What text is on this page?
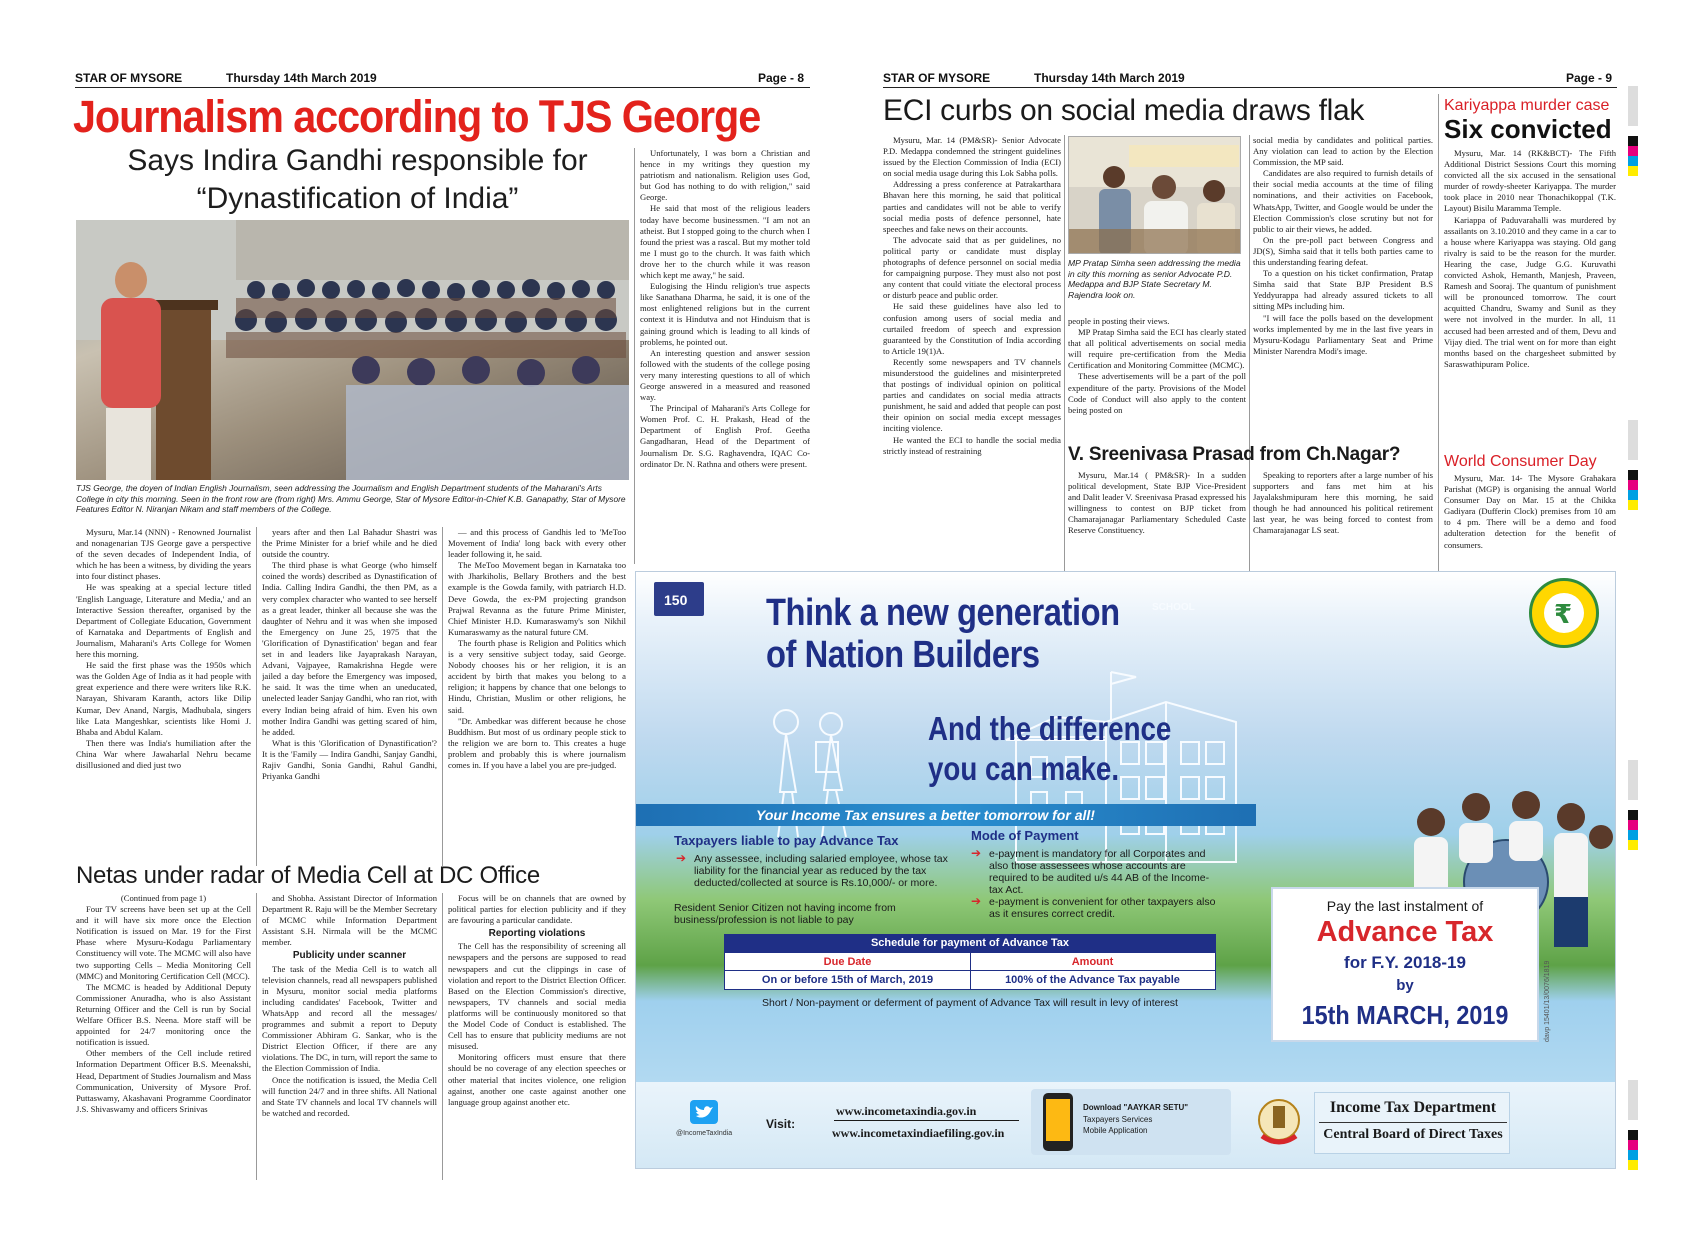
STAR OF MYSORE	Thursday 14th March 2019	Page - 8
Journalism according to TJS George
Says Indira Gandhi responsible for
“Dynastification of India”
TJS George, the doyen of Indian English Journalism, seen addressing the Journalism and English Department students of the Maharani's Arts College in city this morning. Seen in the front row are (from right) Mrs. Ammu George, Star of Mysore Editor-in-Chief K.B. Ganapathy, Star of Mysore Features Editor N. Niranjan Nikam and staff members of the College.

Mysuru, Mar.14 (NNN) - Renowned Journalist and nonagenarian TJS George gave a perspective of the seven decades of Independent India, of which he has been a witness, by dividing the years into four distinct phases.

He was speaking at a special lecture titled 'English Language, Literature and Media,' and an Interactive Session thereafter, organised by the Department of Collegiate Education, Government of Karnataka and Departments of English and Journalism, Maharani's Arts College for Women here this morning.

He said the first phase was the 1950s which was the Golden Age of India as it had people with great experience and there were writers like R.K. Narayan, Shivaram Karanth, actors like Dilip Kumar, Dev Anand, Nargis, Madhubala, singers like Lata Mangeshkar, scientists like Homi J. Bhaba and Abdul Kalam.

Then there was India's humiliation after the China War where Jawaharlal Nehru became disillusioned and died just two

years after and then Lal Bahadur Shastri was the Prime Minister for a brief while and he died outside the country.

The third phase is what George (who himself coined the words) described as Dynastification of India. Calling Indira Gandhi, the then PM, as a very complex character who wanted to see herself as a great leader, thinker all because she was the daughter of Nehru and it was when she imposed the Emergency on June 25, 1975 that the 'Glorification of Dynastification' began and fear set in and leaders like Jayaprakash Narayan, Advani, Vajpayee, Ramakrishna Hegde were jailed a day before the Emergency was imposed, he said. It was the time when an uneducated, unelected leader Sanjay Gandhi, who ran riot, with every Indian being afraid of him. Even his own mother Indira Gandhi was getting scared of him, he added.

What is this 'Glorification of Dynastification'? It is the 'Family — Indira Gandhi, Sanjay Gandhi, Rajiv Gandhi, Sonia Gandhi, Rahul Gandhi, Priyanka Gandhi

— and this process of Gandhis led to 'MeToo Movement of India' long back with every other leader following it, he said.

The MeToo Movement began in Karnataka too with Jharkiholis, Bellary Brothers and the best example is the Gowda family, with patriarch H.D. Deve Gowda, the ex-PM projecting grandson Prajwal Revanna as the future Prime Minister, Chief Minister H.D. Kumaraswamy's son Nikhil Kumaraswamy as the natural future CM.

The fourth phase is Religion and Politics which is a very sensitive subject today, said George. Nobody chooses his or her religion, it is an accident by birth that makes you belong to a religion; it happens by chance that one belongs to Hindu, Christian, Muslim or other religions, he said.

"Dr. Ambedkar was different because he chose Buddhism. But most of us ordinary people stick to the religion we are born to. This creates a huge problem and probably this is where journalism comes in. If you have a label you are pre-judged.

Unfortunately, I was born a Christian and hence in my writings they question my patriotism and nationalism. Religion uses God, but God has nothing to do with religion," said George.

He said that most of the religious leaders today have become businessmen. "I am not an atheist. But I stopped going to the church when I found the priest was a rascal. But my mother told me I must go to the church. It was faith which drove her to the church while it was reason which kept me away," he said.

Eulogising the Hindu religion's true aspects like Sanathana Dharma, he said, it is one of the most enlightened religions but in the current context it is Hindutva and not Hinduism that is gaining ground which is leading to all kinds of problems, he pointed out.

An interesting question and answer session followed with the students of the college posing very many interesting questions to all of which George answered in a measured and reasoned way.

The Principal of Maharani's Arts College for Women Prof. C. H. Prakash, Head of the Department of English Prof. Geetha Gangadharan, Head of the Department of Journalism Dr. S.G. Raghavendra, IQAC Co-ordinator Dr. N. Rathna and others were present.

Netas under radar of Media Cell at DC Office

(Continued from page 1)

Four TV screens have been set up at the Cell and it will have six more once the Election Notification is issued on Mar. 19 for the First Phase where Mysuru-Kodagu Parliamentary Constituency will vote. The MCMC will also have two supporting Cells – Media Monitoring Cell (MMC) and Monitoring Certification Cell (MCC).

The MCMC is headed by Additional Deputy Commissioner Anuradha, who is also Assistant Returning Officer and the Cell is run by Social Welfare Officer B.S. Neena. More staff will be appointed for 24/7 monitoring once the notification is issued.

Other members of the Cell include retired Information Department Officer B.S. Meenakshi, Head, Department of Studies Journalism and Mass Communication, University of Mysore Prof. Puttaswamy, Akashavani Programme Coordinator J.S. Shivaswamy and officers Srinivas

and Shobha. Assistant Director of Information Department R. Raju will be the Member Secretary of MCMC while Information Department Assistant S.H. Nirmala will be the MCMC member.

Publicity under scanner

The task of the Media Cell is to watch all television channels, read all newspapers published in Mysuru, monitor social media platforms including candidates' Facebook, Twitter and WhatsApp and record all the messages/ programmes and submit a report to Deputy Commissioner Abhiram G. Sankar, who is the District Election Officer, if there are any violations. The DC, in turn, will report the same to the Election Commission of India.

Once the notification is issued, the Media Cell will function 24/7 and in three shifts. All National and State TV channels and local TV channels will be watched and recorded.

Focus will be on channels that are owned by political parties for election publicity and if they are favouring a particular candidate.

Reporting violations

The Cell has the responsibility of screening all newspapers and the persons are supposed to read newspapers and cut the clippings in case of violation and report to the District Election Officer. Based on the Election Commission's directive, newspapers, TV channels and social media platforms will be continuously monitored so that the Model Code of Conduct is established. The Cell has to ensure that publicity mediums are not misused.

Monitoring officers must ensure that there should be no coverage of any election speeches or other material that incites violence, one religion against, another one caste against another one language group against another etc.

STAR OF MYSORE	Thursday 14th March 2019	Page - 9
ECI curbs on social media draws flak

Mysuru, Mar. 14 (PM&SR)- Senior Advocate P.D. Medappa condemned the stringent guidelines issued by the Election Commission of India (ECI) on social media usage during this Lok Sabha polls.

Addressing a press conference at Patrakarthara Bhavan here this morning, he said that political parties and candidates will not be able to verify social media posts of defence personnel, hate speeches and fake news on their accounts.

The advocate said that as per guidelines, no political party or candidate must display photographs of defence personnel on social media for campaigning purpose. They must also not post any content that could vitiate the electoral process or disturb peace and public order.

He said these guidelines have also led to confusion among users of social media and curtailed freedom of speech and expression guaranteed by the Constitution of India according to Article 19(1)A.

Recently some newspapers and TV channels misunderstood the guidelines and misinterpreted that postings of individual opinion on political parties and candidates on social media attracts punishment, he said and added that people can post their opinion on social media except messages inciting violence.

He wanted the ECI to handle the social media strictly instead of restraining

MP Pratap Simha seen addressing the media in city this morning as senior Advocate P.D. Medappa and BJP State Secretary M. Rajendra look on.

people in posting their views.

MP Pratap Simha said the ECI has clearly stated that all political advertisements on social media will require pre-certification from the Media Certification and Monitoring Committee (MCMC).

These advertisements will be a part of the poll expenditure of the party. Provisions of the Model Code of Conduct will also apply to the content being posted on

social media by candidates and political parties. Any violation can lead to action by the Election Commission, the MP said.

Candidates are also required to furnish details of their social media accounts at the time of filing nominations, and their activities on Facebook, WhatsApp, Twitter, and Google would be under the Election Commission's close scrutiny but not for public to air their views, he added.

On the pre-poll pact between Congress and JD(S), Simha said that it tells both parties came to this understanding fearing defeat.

To a question on his ticket confirmation, Pratap Simha said that State BJP President B.S Yeddyurappa had already assured tickets to all sitting MPs including him.

"I will face the polls based on the development works implemented by me in the last five years in Mysuru-Kodagu Parliamentary Seat and Prime Minister Narendra Modi's image.

V. Sreenivasa Prasad from Ch.Nagar?

Mysuru, Mar.14 ( PM&SR)- In a sudden political development, State BJP Vice-President and Dalit leader V. Sreenivasa Prasad expressed his willingness to contest on BJP ticket from Chamarajanagar Parliamentary Scheduled Caste Reserve Constituency.

Speaking to reporters after a large number of his supporters and fans met him at his Jayalakshmipuram here this morning, he said though he had announced his political retirement last year, he was being forced to contest from Chamarajanagar LS seat.

Kariyappa murder case
Six convicted

Mysuru, Mar. 14 (RK&BCT)- The Fifth Additional District Sessions Court this morning convicted all the six accused in the sensational murder of rowdy-sheeter Kariyappa. The murder took place in 2010 near Thonachikoppal (T.K. Layout) Bisilu Maramma Temple.

Kariappa of Paduvarahalli was murdered by assailants on 3.10.2010 and they came in a car to a house where Kariyappa was staying. Old gang rivalry is said to be the reason for the murder. Hearing the case, Judge G.G. Kuruvathi convicted Ashok, Hemanth, Manjesh, Praveen, Ramesh and Sooraj. The quantum of punishment will be pronounced tomorrow. The court acquitted Chandru, Swamy and Sunil as they were not involved in the murder. In all, 11 accused had been arrested and of them, Devu and Vijay died. The trial went on for more than eight months based on the chargesheet submitted by Saraswathipuram Police.

World Consumer Day

Mysuru, Mar. 14- The Mysore Grahakara Parishat (MGP) is organising the annual World Consumer Day on Mar. 15 at the Chikka Gadiyara (Dufferin Clock) premises from 10 am to 4 pm. There will be a demo and food adulteration detection for the benefit of consumers.

150 Think a new generation
of Nation Builders
SCHOOL
And the difference
you can make.
₹
Your Income Tax ensures a better tomorrow for all!
Taxpayers liable to pay Advance Tax
➔ Any assessee, including salaried employee, whose tax liability for the financial year as reduced by the tax deducted/collected at source is Rs.10,000/- or more.
Resident Senior Citizen not having income from business/profession is not liable to pay
Mode of Payment
➔ e-payment is mandatory for all Corporates and also those assessees whose accounts are required to be audited u/s 44 AB of the Income-tax Act.
➔ e-payment is convenient for other taxpayers also as it ensures correct credit.
Schedule for payment of Advance Tax
Due Date	Amount
On or before 15th of March, 2019	100% of the Advance Tax payable
Short / Non-payment or deferment of payment of Advance Tax will result in levy of interest
Pay the last instalment of
Advance Tax
for F.Y. 2018-19
by
15th MARCH, 2019	davp 15401/13/0076/1819
@IncomeTaxIndia
Visit:
www.incometaxindia.gov.in
www.incometaxindiaefiling.gov.in
Download "AAYKAR SETU"
Taxpayers Services
Mobile Application
Income Tax Department
Central Board of Direct Taxes
